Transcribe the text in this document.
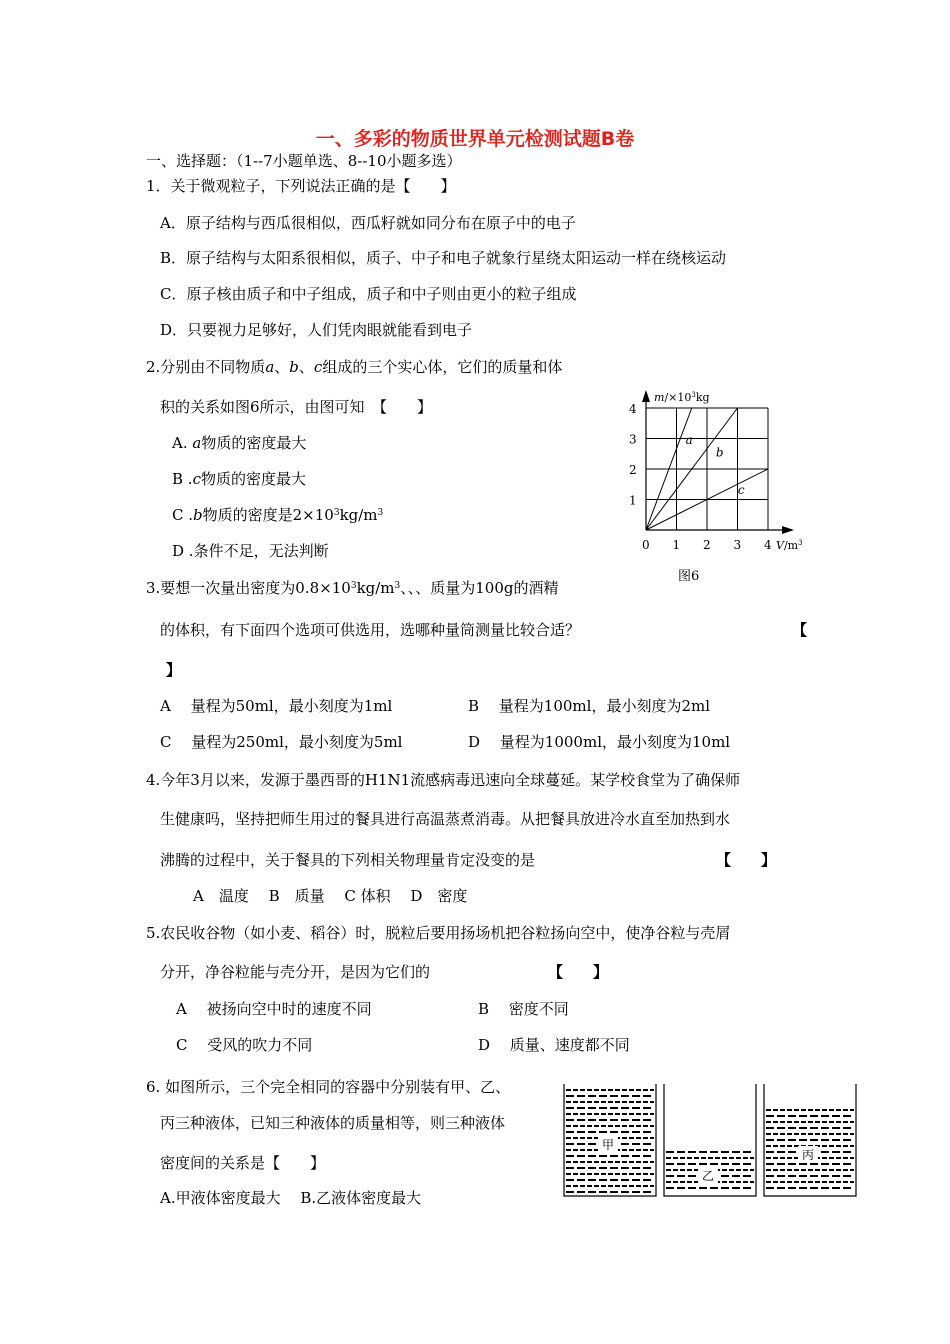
一、多彩的物质世界单元检测试题B卷
一、选择题：（1--7小题单选、8--10小题多选）
1．关于微观粒子，下列说法正确的是【　　】
A．原子结构与西瓜很相似，西瓜籽就如同分布在原子中的电子
B．原子结构与太阳系很相似，质子、中子和电子就象行星绕太阳运动一样在绕核运动
C．原子核由质子和中子组成，质子和中子则由更小的粒子组成
D．只要视力足够好，人们凭肉眼就能看到电子
2.分别由不同物质a、b、c组成的三个实心体，它们的质量和体
积的关系如图6所示，由图可知　【　　】
A. a物质的密度最大
B .c物质的密度最大
C .b物质的密度是$2\times 10^3kg/m^3$
D .条件不足，无法判断
$m/\times 10^3kg$
$V/m^3$
0 1 2 3 4
1
2
3
4
a
b
c
图6
3.要想一次量出密度为$0.8\times 10^3kg/m^3$、、、质量为100g的酒精
的体积，有下面四个选项可供选用，选哪种量筒测量比较合适？	【
】
A　 量程为50ml，最小刻度为1ml	B　 量程为100ml，最小刻度为2ml
C　 量程为250ml，最小刻度为5ml	D　 量程为1000ml，最小刻度为10ml
4.今年3月以来，发源于墨西哥的H1N1流感病毒迅速向全球蔓延。某学校食堂为了确保师
生健康吗，坚持把师生用过的餐具进行高温蒸煮消毒。从把餐具放进冷水直至加热到水
沸腾的过程中，关于餐具的下列相关物理量肯定没变的是	【　　】
A　温度　 B　质量　 C 体积　 D　密度
5.农民收谷物（如小麦、稻谷）时，脱粒后要用扬场机把谷粒扬向空中，使净谷粒与壳屑
分开，净谷粒能与壳分开，是因为它们的	【　　】
A　 被扬向空中时的速度不同	B　 密度不同
C　 受风的吹力不同	D　 质量、速度都不同
6. 如图所示，三个完全相同的容器中分别装有甲、乙、
丙三种液体，已知三种液体的质量相等，则三种液体
密度间的关系是【　　】
A.甲液体密度最大　 B.乙液体密度最大
甲
乙
丙
